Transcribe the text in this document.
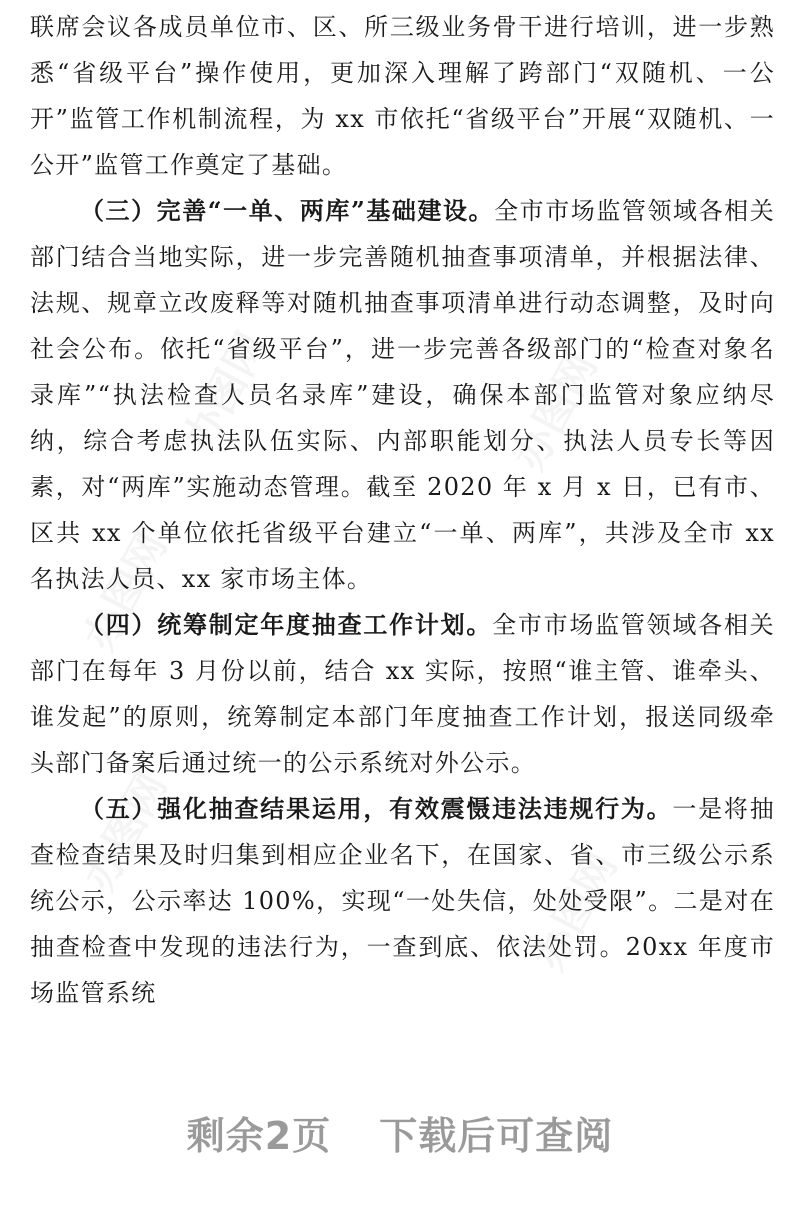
办图网
办图网
办图网
办图网
办图网

联席会议各成员单位市、区、所三级业务骨干进行培训，进一步熟悉“省级平台”操作使用，更加深入理解了跨部门“双随机、一公开”监管工作机制流程，为 xx 市依托“省级平台”开展“双随机、一公开”监管工作奠定了基础。

（三）完善“一单、两库”基础建设。全市市场监管领域各相关部门结合当地实际，进一步完善随机抽查事项清单，并根据法律、法规、规章立改废释等对随机抽查事项清单进行动态调整，及时向社会公布。依托“省级平台”，进一步完善各级部门的“检查对象名录库”“执法检查人员名录库”建设，确保本部门监管对象应纳尽纳，综合考虑执法队伍实际、内部职能划分、执法人员专长等因素，对“两库”实施动态管理。截至 2020 年 x 月 x 日，已有市、区共 xx 个单位依托省级平台建立“一单、两库”，共涉及全市 xx 名执法人员、xx 家市场主体。

（四）统筹制定年度抽查工作计划。全市市场监管领域各相关部门在每年 3 月份以前，结合 xx 实际，按照“谁主管、谁牵头、谁发起”的原则，统筹制定本部门年度抽查工作计划，报送同级牵头部门备案后通过统一的公示系统对外公示。

（五）强化抽查结果运用，有效震慑违法违规行为。一是将抽查检查结果及时归集到相应企业名下，在国家、省、市三级公示系统公示，公示率达 100%，实现“一处失信，处处受限”。二是对在抽查检查中发现的违法行为，一查到底、依法处罚。20xx 年度市场监管系统

剩余2页 下载后可查阅
